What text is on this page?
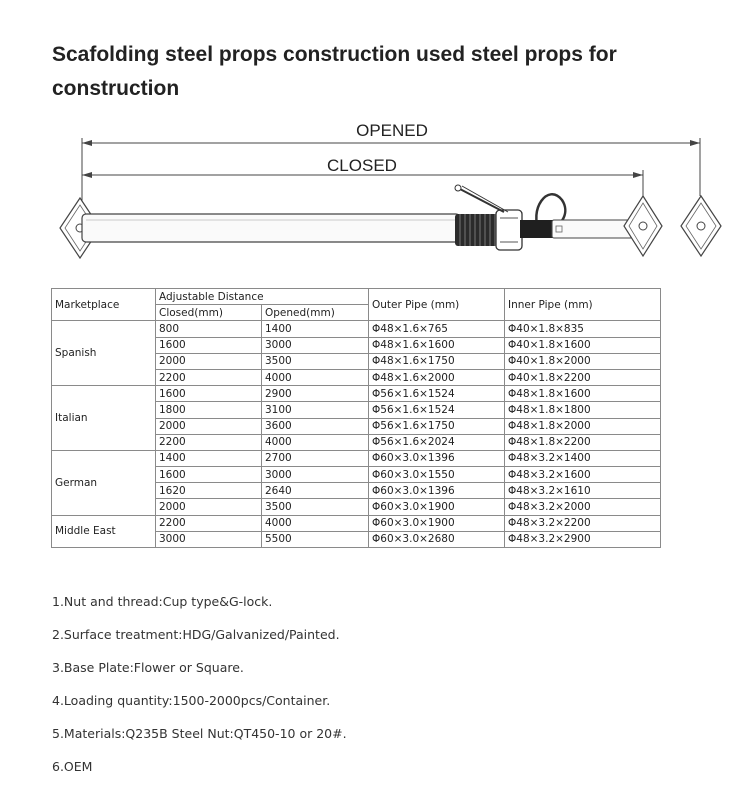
Scafolding steel props construction used steel props for construction
OPENED
CLOSED
Marketplace	Adjustable Distance		Outer Pipe (mm)	Inner Pipe (mm)
	Closed(mm)	Opened(mm)		
Spanish	800	1400	Φ48×1.6×765	Φ40×1.8×835
	1600	3000	Φ48×1.6×1600	Φ40×1.8×1600
	2000	3500	Φ48×1.6×1750	Φ40×1.8×2000
	2200	4000	Φ48×1.6×2000	Φ40×1.8×2200
Italian	1600	2900	Φ56×1.6×1524	Φ48×1.8×1600
	1800	3100	Φ56×1.6×1524	Φ48×1.8×1800
	2000	3600	Φ56×1.6×1750	Φ48×1.8×2000
	2200	4000	Φ56×1.6×2024	Φ48×1.8×2200
German	1400	2700	Φ60×3.0×1396	Φ48×3.2×1400
	1600	3000	Φ60×3.0×1550	Φ48×3.2×1600
	1620	2640	Φ60×3.0×1396	Φ48×3.2×1610
	2000	3500	Φ60×3.0×1900	Φ48×3.2×2000
Middle East	2200	4000	Φ60×3.0×1900	Φ48×3.2×2200
	3000	5500	Φ60×3.0×2680	Φ48×3.2×2900
1.Nut and thread:Cup type&G-lock.
2.Surface treatment:HDG/Galvanized/Painted.
3.Base Plate:Flower or Square.
4.Loading quantity:1500-2000pcs/Container.
5.Materials:Q235B Steel Nut:QT450-10 or 20#.
6.OEM
